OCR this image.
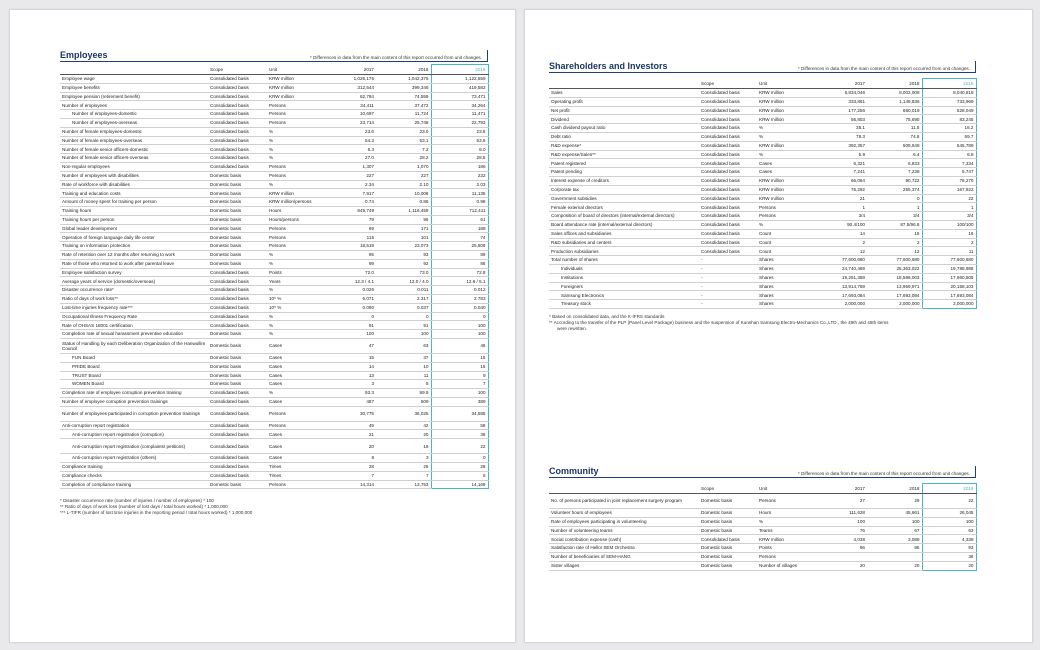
Employees	* Differences in data from the main content of this report occurred from unit changes.
	Scope	Unit	2017	2018	2019
Employee wage	Consolidated basis	KRW million	1,025,176	1,042,375	1,122,559
Employee benefits	Consolidated basis	KRW million	312,544	399,346	419,582
Employee pension (retirement benefit)	Consolidated basis	KRW million	62,784	74,559	73,471
Number of employees	Consolidated basis	Persons	34,411	37,472	34,264
Number of employees-domestic	Consolidated basis	Persons	10,697	11,724	11,471
Number of employees-overseas	Consolidated basis	Persons	23,714	25,748	22,793
Number of female employees-domestic	Consolidated basis	%	23.6	23.0	23.8
Number of female employees-overseas	Consolidated basis	%	54.3	53.1	53.6
Number of female senior officers-domestic	Consolidated basis	%	6.3	7.2	8.0
Number of female senior officers-overseas	Consolidated basis	%	27.0	28.2	28.5
Non-regular employees	Consolidated basis	Persons	1,307	1,070	186
Number of employees with disabilities	Domestic basis	Persons	227	227	232
Rate of workforce with disabilities	Domestic basis	%	2.34	2.10	2.03
Training and education costs	Domestic basis	KRW million	7,917	10,008	11,135
Amount of money spent for training per person	Domestic basis	KRW million/persons	0.74	0.86	0.98
Training hours	Domestic basis	Hours	849,749	1,116,459	712,411
Training hours per person	Domestic basis	Hours/persons	79	95	61
Global leader development	Domestic basis	Persons	69	171	188
Operation of foreign language daily life center	Domestic basis	Persons	115	101	74
Training on information protection	Domestic basis	Persons	18,519	23,073	25,808
Rate of retention over 12 months after returning to work	Domestic basis	%	95	93	89
Rate of those who returned to work after parental leave	Domestic basis	%	99	92	86
Employee satisfaction survey	Consolidated basis	Points	72.0	73.0	72.8
Average years of service (domestic/overseas)	Consolidated basis	Years	12.3 / 4.1	12.0 / 4.0	12.6 / 5.1
Disaster occurrence rate*	Consolidated basis	%	0.026	0.011	0.012
Ratio of days of work loss**	Consolidated basis	10⁵ %	6.071	2.317	2.783
Lost-time injuries frequency rate***	Consolidated basis	10⁵ %	0.090	0.037	0.040
Occupational Illness Frequency Rate	Consolidated basis	%	0	0	0
Rate of OHSAS 18001 certification	Consolidated basis	%	91	91	100
Completion rate of sexual harassment preventive education	Domestic basis	%	100	100	100
Status of Handling by each Deliberation Organization of the Hanwullim Council	Domestic basis	Cases	47	63	46
FUN Board	Domestic basis	Cases	15	37	15
PRIDE Board	Domestic basis	Cases	14	10	15
TRUST Board	Domestic basis	Cases	13	11	9
WOMEN Board	Domestic basis	Cases	3	5	7
Completion rate of employee corruption prevention training	Consolidated basis	%	93.3	99.9	100
Number of employee corruption prevention trainings	Consolidated basis	Cases	487	509	389
Number of employees participated in corruption prevention trainings	Consolidated basis	Persons	30,775	36,025	34,585
Anti-corruption report registration	Consolidated basis	Persons	49	42	58
Anti-corruption report registration (corruption)	Consolidated basis	Cases	21	20	36
Anti-corruption report registration (complaints/ petitions)	Consolidated basis	Cases	20	19	22
Anti-corruption report registration (others)	Consolidated basis	Cases	8	3	0
Compliance training	Consolidated basis	Times	28	26	28
Compliance checks	Consolidated basis	Times	7	7	6
Completion of compliance training	Domestic basis	Persons	14,314	13,753	14,169
* Disaster occurrence rate (number of injuries / number of employees) * 100
** Ratio of days of work loss (number of lost days / total hours worked) * 1,000,000
*** L-TIFR (number of lost time injuries in the reporting period / total hours worked) * 1,000,000
Shareholders and Investors	* Differences in data from the main content of this report occurred from unit changes.
	Scope	Unit	2017	2018	2019
Sales	Consolidated basis	KRW million	6,834,046	8,002,008	8,040,818
Operating profit	Consolidated basis	KRW million	333,861	1,149,836	733,969
Net profit	Consolidated basis	KRW million	177,256	680,019	528,049
Dividend	Consolidated basis	KRW million	56,803	75,690	83,245
Cash dividend payout ratio	Consolidated basis	%	35.1	11.5	16.2
Debt ratio	Consolidated basis	%	79.3	74.8	59.7
R&D expense*	Consolidated basis	KRW million	392,357	508,948	545,789
R&D expense/Sales**	Consolidated basis	%	5.9	6.4	6.8
Patent registered	Consolidated basis	Cases	6,321	6,833	7,334
Patent pending	Consolidated basis	Cases	7,241	7,238	5,747
Interest expense of creditors	Consolidated basis	KRW million	66,064	90,722	78,270
Corporate tax	Consolidated basis	KRW million	76,292	255,374	167,922
Government subsidies	Consolidated basis	KRW million	21	0	22
Female external directors	Consolidated basis	Persons	1	1	1
Composition of board of directors (internal/external directors)	Consolidated basis	Persons	3/4	3/4	3/4
Board attendance rate (internal/external directors)	Consolidated basis	%	90.4/100	87.5/96.8	100/100
Sales offices and subsidiaries	Consolidated basis	Count	14	15	16
R&D subsidiaries and centers	Consolidated basis	Count	2	2	2
Production subsidiaries	Consolidated basis	Count	12	12	11
Total number of shares	-	Shares	77,600,680	77,600,680	77,600,680
Individuals	-	Shares	24,740,469	25,363,022	19,788,988
Institutions	-	Shares	19,251,358	18,586,003	17,960,505
Foreigners	-	Shares	13,914,769	13,959,971	20,158,103
Samsung Electronics	-	Shares	17,693,084	17,693,084	17,693,084
Treasury stock	-	Shares	2,000,000	2,000,000	2,000,000
* Based on consolidated data, and the K-IFRS standards
** According to the transfer of the PLP (Panel Level Package) business and the suspension of Kunshan Samsung Electro-Mechanics Co.,LTD., the 49th and 46th items
were rewritten.
Community	* Differences in data from the main content of this report occurred from unit changes.
	Scope	Unit	2017	2018	2019
No. of persons participated in joint replacement surgery program	Domestic basis	Persons	27	29	22
Volunteer hours of employees	Domestic basis	Hours	111,628	45,661	26,045
Rate of employees participating in volunteering	Domestic basis	%	100	100	100
Number of volunteering teams	Domestic basis	Teams	76	67	63
Social contribution expense (cash)	Consolidated basis	KRW million	4,038	3,088	4,338
Satisfaction rate of Hello! SEM Orchestra	Domestic basis	Points	96	95	93
Number of beneficiaries of SEM-HANG	Domestic basis	Persons			36
Sister villages	Domestic basis	Number of villages	20	20	20
